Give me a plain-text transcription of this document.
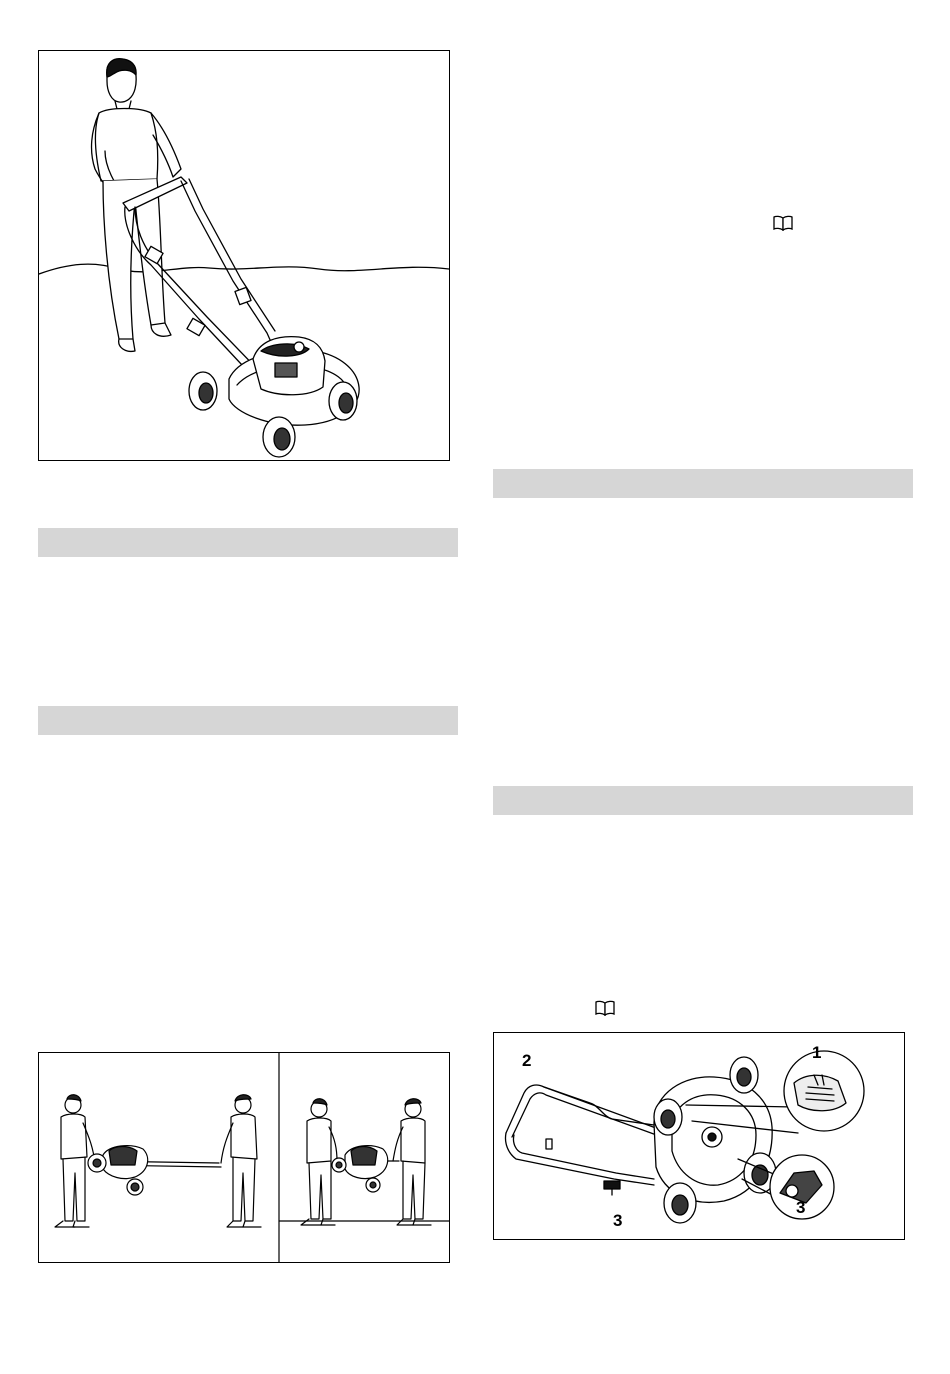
1
2
3
3
